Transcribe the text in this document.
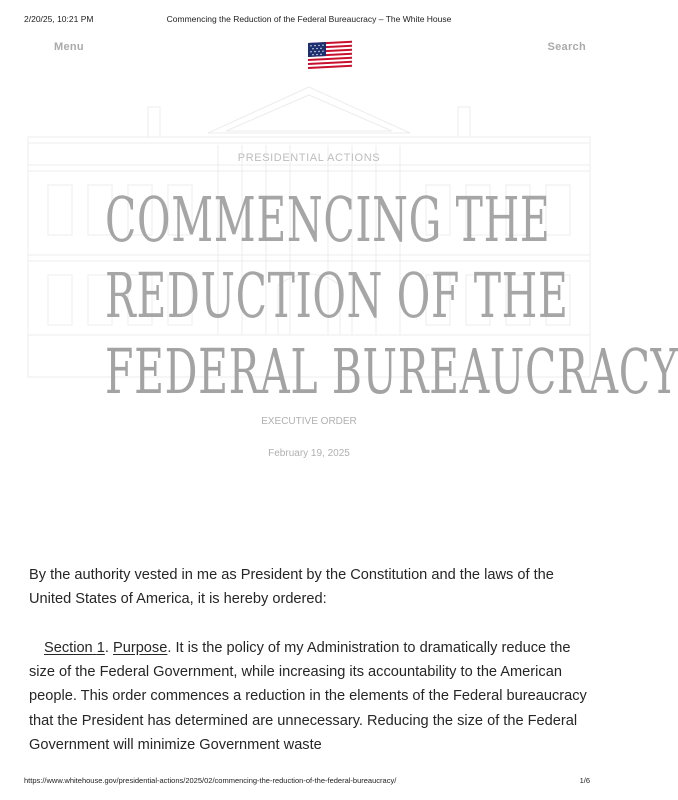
2/20/25, 10:21 PM	Commencing the Reduction of the Federal Bureaucracy – The White House
Menu	Search
PRESIDENTIAL ACTIONS
COMMENCING THE
REDUCTION OF THE
FEDERAL BUREAUCRACY
EXECUTIVE ORDER
February 19, 2025

By the authority vested in me as President by the Constitution and the laws of the United States of America, it is hereby ordered:

Section 1. Purpose. It is the policy of my Administration to dramatically reduce the size of the Federal Government, while increasing its accountability to the American people. This order commences a reduction in the elements of the Federal bureaucracy that the President has determined are unnecessary. Reducing the size of the Federal Government will minimize Government waste

https://www.whitehouse.gov/presidential-actions/2025/02/commencing-the-reduction-of-the-federal-bureaucracy/	1/6
